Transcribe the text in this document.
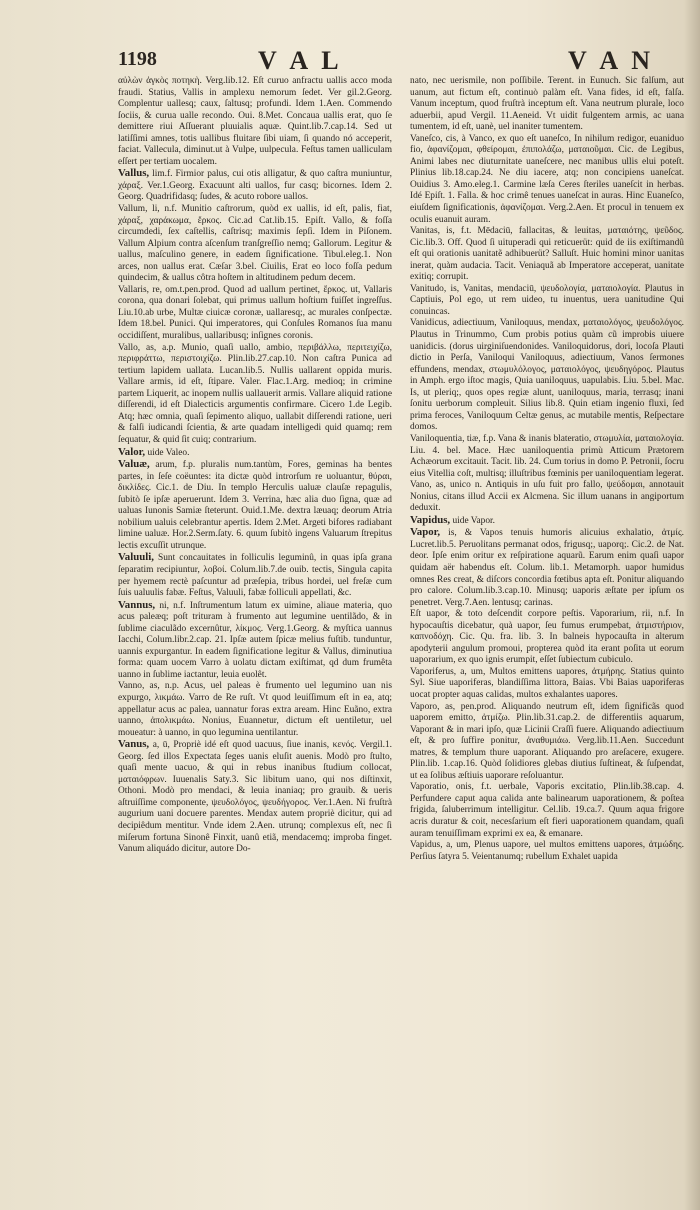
1198	V A L	V A N

αὐλὼν ἀγκὸς ποτηκὴ. Verg.lib.12. Eſt curuo anfractu uallis acco moda fraudi. Statius, Vallis in amplexu nemorum ſedet. Ver gil.2.Georg. Complentur uallesq; caux, ſaltusq; profundi. Idem 1.Aen. Commendo ſociis, & curua ualle recondo. Oui. 8.Met. Concaua uallis erat, quo ſe demittere riui Aſſuerant pluuialis aquæ. Quint.lib.7.cap.14. Sed ut latiſſimi amnes, totis uallibus fluitare ſibi uiam, ſi quando nó acceperit, faciat. Vallecula, diminut.ut à Vulpe, uulpecula. Feſtus tamen ualliculam eſſert per tertiam uocalem.

Vallus, lim.f. Firmior palus, cui otis alligatur, & quo caſtra muniuntur, χάραξ. Ver.1.Georg. Exacuunt alti uallos, fur casq; bicornes. Idem 2. Georg. Quadrifidasq; ſudes, & acuto robore uallos.

Vallum, li, n.f. Munitio caſtrorum, quòd ex uallis, id eſt, palis, fiat, χάραξ, χαράκωμα, ἔρκος. Cic.ad Cat.lib.15. Epiſt. Vallo, & foſſa circumdedi, ſex caſtellis, caſtrisq; maximis ſepſi. Idem in Piſonem. Vallum Alpium contra aſcenſum tranſgreſſio nemq; Gallorum. Legitur & uallus, maſculino genere, in eadem ſignificatione. Tibul.eleg.1. Non arces, non uallus erat. Cæſar 3.bel. Ciuilis, Erat eo loco foſſa pedum quindecim, & uallus côtra hoſtem in altitudinem pedum decem.

Vallaris, re, om.t.pen.prod. Quod ad uallum pertinet, ἔρκος. ut, Vallaris corona, qua donari ſolebat, qui primus uallum hoſtium fuiſſet ingreſſus. Liu.10.ab urbe, Multæ ciuicæ coronæ, uallaresq;, ac murales conſpectæ. Idem 18.bel. Punici. Qui imperatores, qui Conſules Romanos ſua manu occidiſſent, muralibus, uallaribusq; inſignes coronis.

Vallo, as, a.p. Munio, quaſi uallo, ambio, περιβάλλω, περιτειχίζω, περιφράττω, περιστοιχίζω. Plin.lib.27.cap.10. Non caſtra Punica ad tertium lapidem uallata. Lucan.lib.5. Nullis uallarent oppida muris. Vallare armis, id eſt, ſtipare. Valer. Flac.1.Arg. medioq; in crimine partem Liquerit, ac inopem nullis uallauerit armis. Vallare aliquid ratione diſſerendi, id eſt Dialecticis argumentis confirmare. Cicero 1.de Legib. Atq; hæc omnia, quaſi ſepimento aliquo, uallabit diſſerendi ratione, ueri & falſi iudicandi ſcientia, & arte quadam intelligedi quid quamq; rem ſequatur, & quid ſit cuiq; contrarium.

Valor, uide Valeo.

Valuæ, arum, f.p. pluralis num.tantùm, Fores, geminas ha bentes partes, in ſeſe coëuntes: ita dictæ quòd introrſum re uoluantur, θύραι, δικλίδες. Cic.1. de Diu. In templo Herculis ualuæ clauſæ repagulis, ſubitò ſe ipſæ aperuerunt. Idem 3. Verrina, hæc alia duo ſigna, quæ ad ualuas Iunonis Samiæ ſteterunt. Ouid.1.Me. dextra læuaq; deorum Atria nobilium ualuis celebrantur apertis. Idem 2.Met. Argeti bifores radiabant limine ualuæ. Hor.2.Serm.ſaty. 6. quum ſubitò ingens Valuarum ſtrepitus lectis excuſſit utrunque.

Valuuli, Sunt concauitates in folliculis leguminû, in quas ipſa grana ſeparatim recipiuntur, λοβοί. Colum.lib.7.de ouib. tectis, Singula capita per hyemem rectè paſcuntur ad præſepia, tribus hordei, uel freſæ cum ſuis ualuulis fabæ. Feſtus, Valuuli, fabæ folliculi appellati, &c.

Vannus, ni, n.f. Inſtrumentum latum ex uimine, aliaue materia, quo acus paleæq; poſt trituram à frumento aut legumine uentilãdo, & in ſublime ciaculãdo excernûtur, λίκμος. Verg.1.Georg. & myſtica uannus Iacchi, Colum.libr.2.cap. 21. Ipſæ autem ſpicæ melius fuſtib. tunduntur, uannis expurgantur. In eadem ſignificatione legitur & Vallus, diminutiua forma: quam uocem Varro à uolatu dictam exiſtimat, qd dum frumêta uanno in ſublime iactantur, leuia euolêt.

Vanno, as, n.p. Acus, uel paleas è frumento uel legumino uan nis expurgo, λικμάω. Varro de Re ruſt. Vt quod leuiſſimum eſt in ea, atq; appellatur acus ac palea, uannatur foras extra aream. Hinc Euãno, extra uanno, ἀπολικμάω. Nonius, Euannetur, dictum eſt uentiletur, uel moueatur: à uanno, in quo legumina uentilantur.

Vanus, a, ū, Propriè idé eſt quod uacuus, ſiue inanis, κενός. Vergil.1. Georg. ſed illos Expectata ſeges uanis eluſit auenis. Modò pro ſtulto, quaſi mente uacuo, & qui in rebus inanibus ſtudium collocat, ματαιόφρων. Iuuenalis Saty.3. Sic libitum uano, qui nos diſtinxit, Othoni. Modò pro mendaci, & leuia inaniaq; pro grauib. & ueris aſtruiſſime componente, ψευδολόγος, ψευδήγορος. Ver.1.Aen. Ni fruſtrà augurium uani docuere parentes. Mendax autem propriè dicitur, qui ad decipiêdum mentitur. Vnde idem 2.Aen. utrunq; complexus eſt, nec ſi miſerum fortuna Sinonê Finxit, uanû etiã, mendacemq; improba finget. Vanum aliquádo dicitur, autore Do-

nato, nec uerismile, non poſſibile. Terent. in Eunuch. Sic falſum, aut uanum, aut fictum eſt, continuò palàm eſt. Vana fides, id eſt, falſa. Vanum inceptum, quod fruſtrà inceptum eſt. Vana neutrum plurale, loco aduerbii, apud Vergil. 11.Aeneid. Vt uidit fulgentem armis, ac uana tumentem, id eſt, uanè, uel inaniter tumentem.

Vaneſco, cis, à Vanco, ex quo eſt uaneſco, In nihilum redigor, euaniduo fio, ἀφανίζομαι, φθείρομαι, ἐπιπολάζω, ματαιοῦμαι. Cic. de Legibus, Animi labes nec diuturnitate uaneſcere, nec manibus ullis elui poteſt. Plinius lib.18.cap.24. Ne diu iacere, atq; non concipiens uaneſcat. Ouidius 3. Amo.eleg.1. Carmine læſa Ceres ſteriles uaneſcit in herbas. Idé Epiſt. 1. Falla. & hoc crimê tenues uaneſcat in auras. Hinc Euaneſco, eiuſdem ſignificationis, ἀφανίζομαι. Verg.2.Aen. Et procul in tenuem ex oculis euanuit auram.

Vanitas, is, f.t. Mēdaciū, fallacitas, & leuitas, ματαιότης, ψεῦδος. Cic.lib.3. Off. Quod ſi uituperadi qui reticuerüt: quid de iis exiſtimandû eſt qui orationis uanitatẽ adhibuerüt? Salluſt. Huic homini minor uanitas inerat, quàm audacia. Tacit. Veniaquã ab Imperatore acceperat, uanitate exitiq; corrupit.

Vanitudo, is, Vanitas, mendaciū, ψευδολογία, ματαιολογία. Plautus in Captiuis, Pol ego, ut rem uideo, tu inuentus, uera uanitudine Qui conuincas.

Vanidicus, adiectiuum, Vaniloquus, mendax, ματαιολόγος, ψευδολόγος. Plautus in Trinummo, Cum probis potius quàm cũ improbis uiuere uanidicis. (dorus uirginiſuendonides. Vaniloquidorus, dori, locoſa Plauti dictio in Perſa, Vaniloqui Vaniloquus, adiectiuum, Vanos ſermones effundens, mendax, στωμυλόλογος, ματαιολόγος, ψευδηγόρος. Plautus in Amph. ergo iſtoc magis, Quia uaniloquus, uapulabis. Liu. 5.bel. Mac. Is, ut pleriq;, quos opes regiæ alunt, uaniloquus, maria, terrasq; inani ſonitu uerborum compleuit. Silius lib.8. Quin etiam ingenio fluxi, ſed prima feroces, Vaniloquum Celtæ genus, ac mutabile mentis, Reſpectare domos.

Vaniloquentia, tiæ, f.p. Vana & inanis blateratio, στωμυλία, ματαιολογία. Liu. 4. bel. Mace. Hæc uaniloquentia primù Atticum Prætorem Achæorum excitauit. Tacit. lib. 24. Cum torius in domo P. Petronii, ſocru eius Vitellia coſt, multisq; illuſtribus fœminis per uaniloquentiam legerat.

Vano, as, unico n. Antiquis in uſu fuit pro fallo, ψεύδομαι, annotauit Nonius, citans illud Accii ex Alcmena. Sic illum uanans in angiportum deduxit.

Vapidus, uide Vapor.

Vapor, is, & Vapos tenuis humoris alicuius exhalatio, ἀτμίς. Lucret.lib.5. Peruolitans permanat odos, frigusq;, uaporq;. Cic.2. de Nat. deor. Ipſe enim oritur ex reſpiratione aquarũ. Earum enim quaſi uapor quidam aër habendus eſt. Colum. lib.1. Metamorph. uapor humidus omnes Res creat, & diſcors concordia fœtibus apta eſt. Ponitur aliquando pro calore. Colum.lib.3.cap.10. Minusq; uaporis æſtate per ipſum os penetret. Verg.7.Aen. lentusq; carinas.

Eſt uapor, & toto deſcendit corpore peſtis. Vaporarium, rii, n.f. In hypocauſtis dicebatur, quà uapor, ſeu fumus erumpebat, ἀτμιστήριον, καπνοδόχη. Cic. Qu. fra. lib. 3. In balneis hypocauſta in alterum apodyterii angulum promoui, propterea quòd ita erant poſita ut eorum uaporarium, ex quo ignis erumpit, eſſet ſubiectum cubiculo.

Vaporiferus, a, um, Multos emittens uapores, ἀτμήρης. Statius quinto Syl. Siue uaporiferas, blandiſſima littora, Baias. Vbi Baias uaporiferas uocat propter aquas calidas, multos exhalantes uapores.

Vaporo, as, pen.prod. Aliquando neutrum eſt, idem ſignificãs quod uaporem emitto, ἀτμίζω. Plin.lib.31.cap.2. de differentiis aquarum, Vaporant & in mari ipſo, quæ Licinii Craſſi fuere. Aliquando adiectiuum eſt, & pro ſuffire ponitur, ἀναθυμιάω. Verg.lib.11.Aen. Succedunt matres, & templum thure uaporant. Aliquando pro areſacere, exugere. Plin.lib. 1.cap.16. Quòd ſolidiores glebas diutius ſuſtineat, & ſuſpendat, ut ea ſolibus æſtiuis uaporare reſoluantur.

Vaporatio, onis, f.t. uerbale, Vaporis excitatio, Plin.lib.38.cap. 4. Perfundere caput aqua calida ante balinearum uaporationem, & poſtea frigida, ſaluberrimum intelligitur. Cel.lib. 19.ca.7. Quum aqua frigore acris duratur & coit, necesſarium eſt fieri uaporationem quandam, quaſi auram tenuiſſimam exprimi ex ea, & emanare.

Vapidus, a, um, Plenus uapore, uel multos emittens uapores, ἀτμώδης. Perſius ſatyra 5. Veientanumq; rubellum Exhalet uapida
